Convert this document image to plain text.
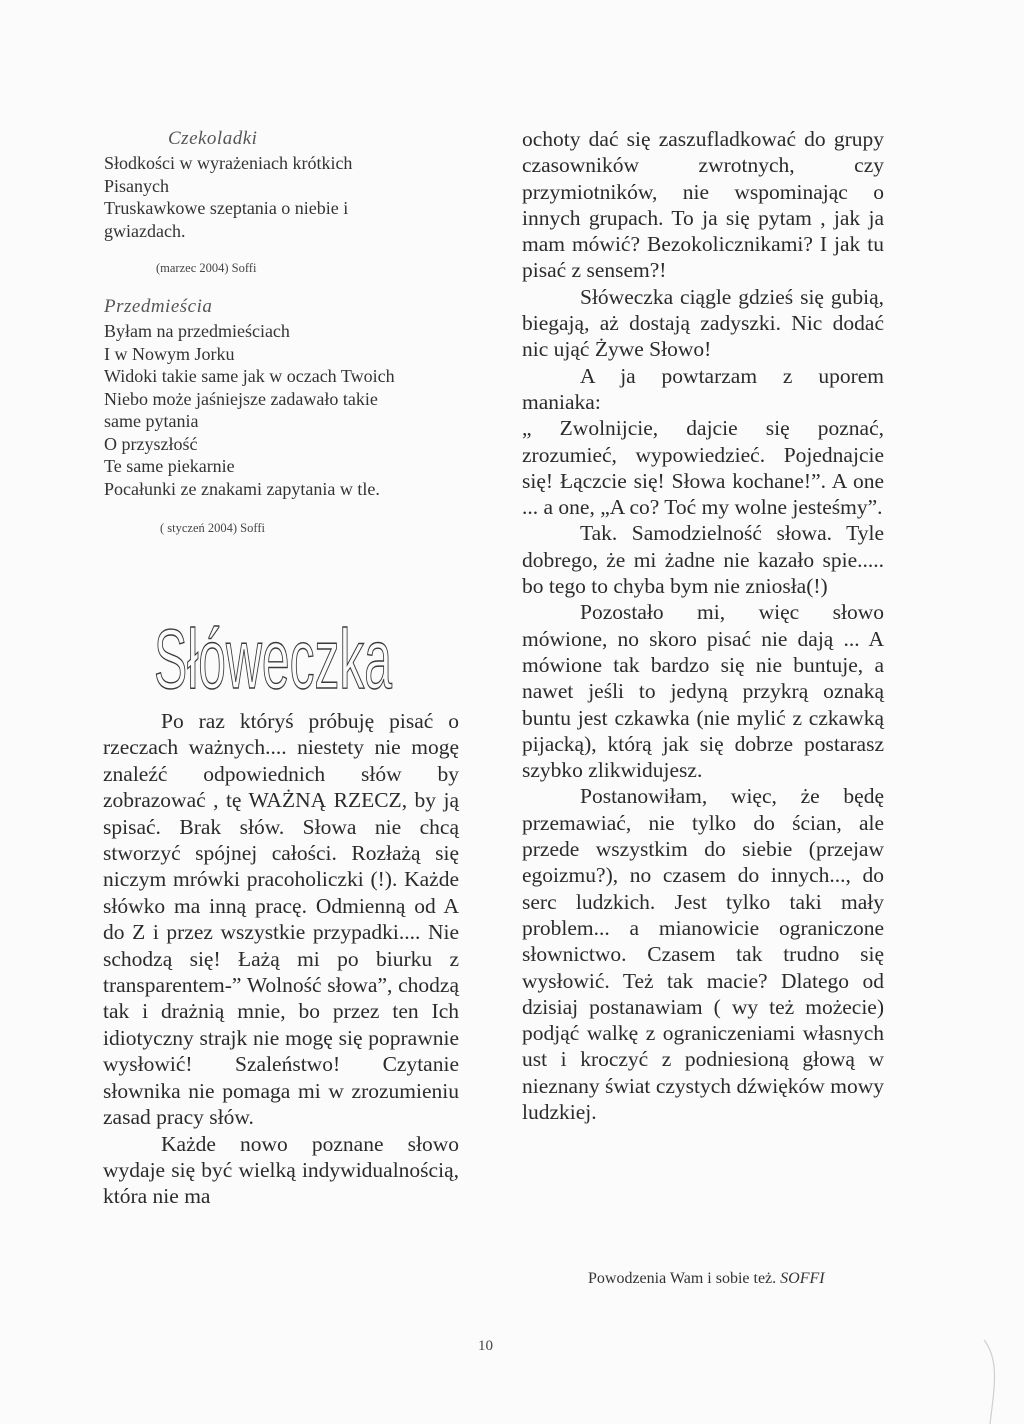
Czekoladki
Słodkości w wyrażeniach krótkich
Pisanych
Truskawkowe szeptania o niebie i
gwiazdach.
(marzec 2004) Soffi
Przedmieścia
Byłam na przedmieściach
I w Nowym Jorku
Widoki takie same jak w oczach Twoich
Niebo może jaśniejsze zadawało takie
same pytania
O przyszłość
Te same piekarnie
Pocałunki ze znakami zapytania w tle.
( styczeń 2004) Soffi
Słóweczka

Po raz któryś próbuję pisać o rzeczach ważnych.... niestety nie mogę znaleźć odpowiednich słów by zobrazować , tę WAŻNĄ RZECZ, by ją spisać. Brak słów. Słowa nie chcą stworzyć spójnej całości. Rozłażą się niczym mrówki pracoholiczki (!). Każde słówko ma inną pracę. Odmienną od A do Z i przez wszystkie przypadki.... Nie schodzą się! Łażą mi po biurku z transparentem-” Wolność słowa”, chodzą tak i drażnią mnie, bo przez ten Ich idiotyczny strajk nie mogę się poprawnie wysłowić! Szaleństwo! Czytanie słownika nie pomaga mi w zrozumieniu zasad pracy słów.

Każde nowo poznane słowo wydaje się być wielką indywidualnością, która nie ma

ochoty dać się zaszufladkować do grupy czasowników zwrotnych, czy przymiotników, nie wspominając o innych grupach. To ja się pytam , jak ja mam mówić? Bezokolicznikami? I jak tu pisać z sensem?!

Słóweczka ciągle gdzieś się gubią, biegają, aż dostają zadyszki. Nic dodać nic ująć Żywe Słowo!

A ja powtarzam z uporem maniaka:

„ Zwolnijcie, dajcie się poznać, zrozumieć, wypowiedzieć. Pojednajcie się! Łączcie się! Słowa kochane!”. A one ... a one, „A co? Toć my wolne jesteśmy”.

Tak. Samodzielność słowa. Tyle dobrego, że mi żadne nie kazało spie..... bo tego to chyba bym nie zniosła(!)

Pozostało mi, więc słowo mówione, no skoro pisać nie dają ... A mówione tak bardzo się nie buntuje, a nawet jeśli to jedyną przykrą oznaką buntu jest czkawka (nie mylić z czkawką pijacką), którą jak się dobrze postarasz szybko zlikwidujesz.

Postanowiłam, więc, że będę przemawiać, nie tylko do ścian, ale przede wszystkim do siebie (przejaw egoizmu?), no czasem do innych..., do serc ludzkich. Jest tylko taki mały problem... a mianowicie ograniczone słownictwo. Czasem tak trudno się wysłowić. Też tak macie? Dlatego od dzisiaj postanawiam ( wy też możecie) podjąć walkę z ograniczeniami własnych ust i kroczyć z podniesioną głową w nieznany świat czystych dźwięków mowy ludzkiej.

Powodzenia Wam i sobie też. SOFFI
10
